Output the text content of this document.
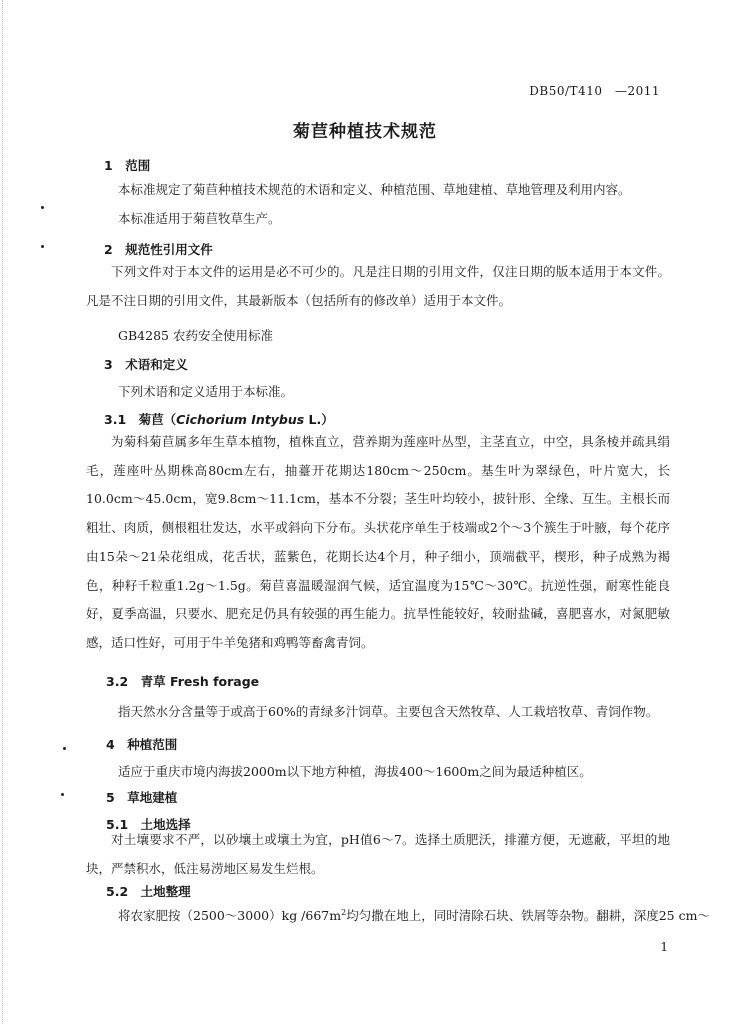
DB50/T410　—2011
菊苣种植技术规范
1　范围
本标准规定了菊苣种植技术规范的术语和定义、种植范围、草地建植、草地管理及利用内容。
本标准适用于菊苣牧草生产。
2　规范性引用文件
下列文件对于本文件的运用是必不可少的。凡是注日期的引用文件，仅注日期的版本适用于本文件。凡是不注日期的引用文件，其最新版本（包括所有的修改单）适用于本文件。
GB4285 农药安全使用标准
3　术语和定义
下列术语和定义适用于本标准。
3.1　菊苣（Cichorium Intybus L.）
为菊科菊苣属多年生草本植物，植株直立，营养期为莲座叶丛型，主茎直立，中空，具条棱并疏具绢毛，莲座叶丛期株高80cm左右，抽薹开花期达180cm～250cm。基生叶为翠绿色，叶片宽大，长10.0cm～45.0cm，宽9.8cm～11.1cm，基本不分裂；茎生叶均较小，披针形、全缘、互生。主根长而粗壮、肉质，侧根粗壮发达，水平或斜向下分布。头状花序单生于枝端或2个～3个簇生于叶腋，每个花序由15朵～21朵花组成，花舌状，蓝紫色，花期长达4个月，种子细小，顶端截平，楔形，种子成熟为褐色，种籽千粒重1.2g～1.5g。菊苣喜温暖湿润气候，适宜温度为15℃～30℃。抗逆性强，耐寒性能良好，夏季高温，只要水、肥充足仍具有较强的再生能力。抗旱性能较好，较耐盐碱，喜肥喜水，对氮肥敏感，适口性好，可用于牛羊兔猪和鸡鸭等畜禽青饲。
3.2　青草 Fresh forage
指天然水分含量等于或高于60%的青绿多汁饲草。主要包含天然牧草、人工栽培牧草、青饲作物。
4　种植范围
适应于重庆市境内海拔2000m以下地方种植，海拔400～1600m之间为最适种植区。
5　草地建植
5.1　土地选择
对土壤要求不严，以砂壤土或壤土为宜，pH值6～7。选择土质肥沃，排灌方便，无遮蔽，平坦的地块，严禁积水，低注易涝地区易发生烂根。
5.2　土地整理
将农家肥按（2500～3000）kg $/667m^2$均匀撒在地上，同时清除石块、铁屑等杂物。翻耕，深度25 cm～
1
